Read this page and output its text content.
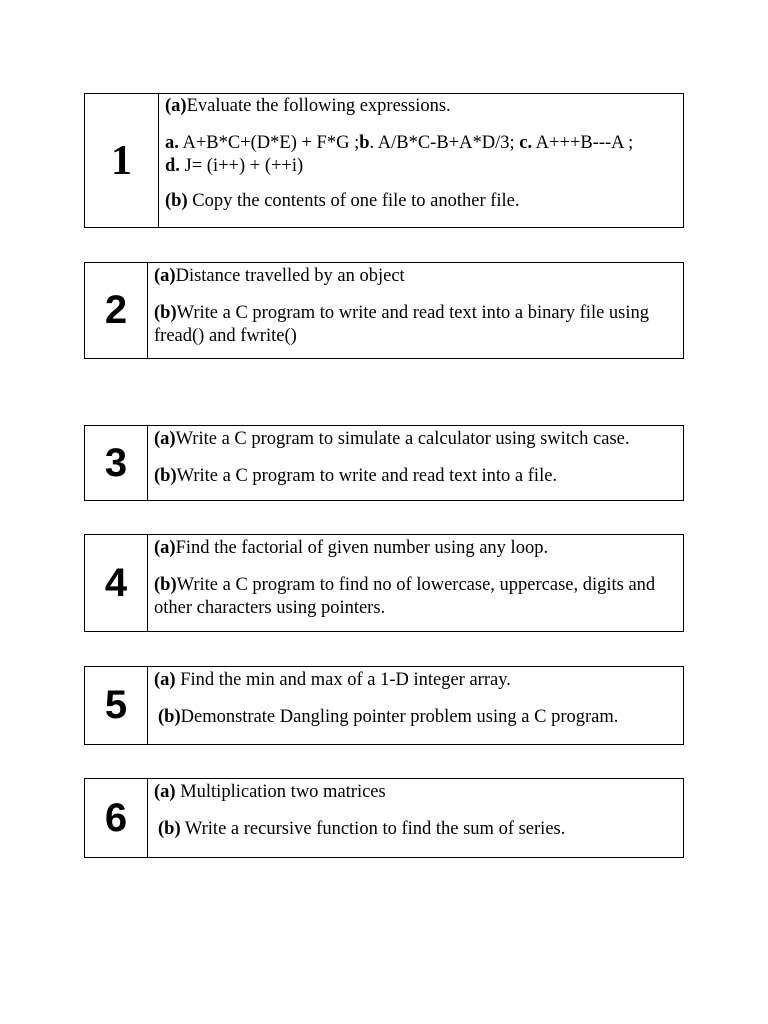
1

(a)Evaluate the following expressions.

a. A+B*C+(D*E) + F*G ;b. A/B*C-B+A*D/3; c. A+++B---A ;
d. J= (i++) + (++i)

(b) Copy the contents of one file to another file.

2

(a)Distance travelled by an object

(b)Write a C program to write and read text into a binary file using fread() and fwrite()

3

(a)Write a C program to simulate a calculator using switch case.

(b)Write a C program to write and read text into a file.

4

(a)Find the factorial of given number using any loop.

(b)Write a C program to find no of lowercase, uppercase, digits and other characters using pointers.

5

(a) Find the min and max of a 1-D integer array.

(b)Demonstrate Dangling pointer problem using a C program.

6

(a) Multiplication two matrices

(b) Write a recursive function to find the sum of series.
